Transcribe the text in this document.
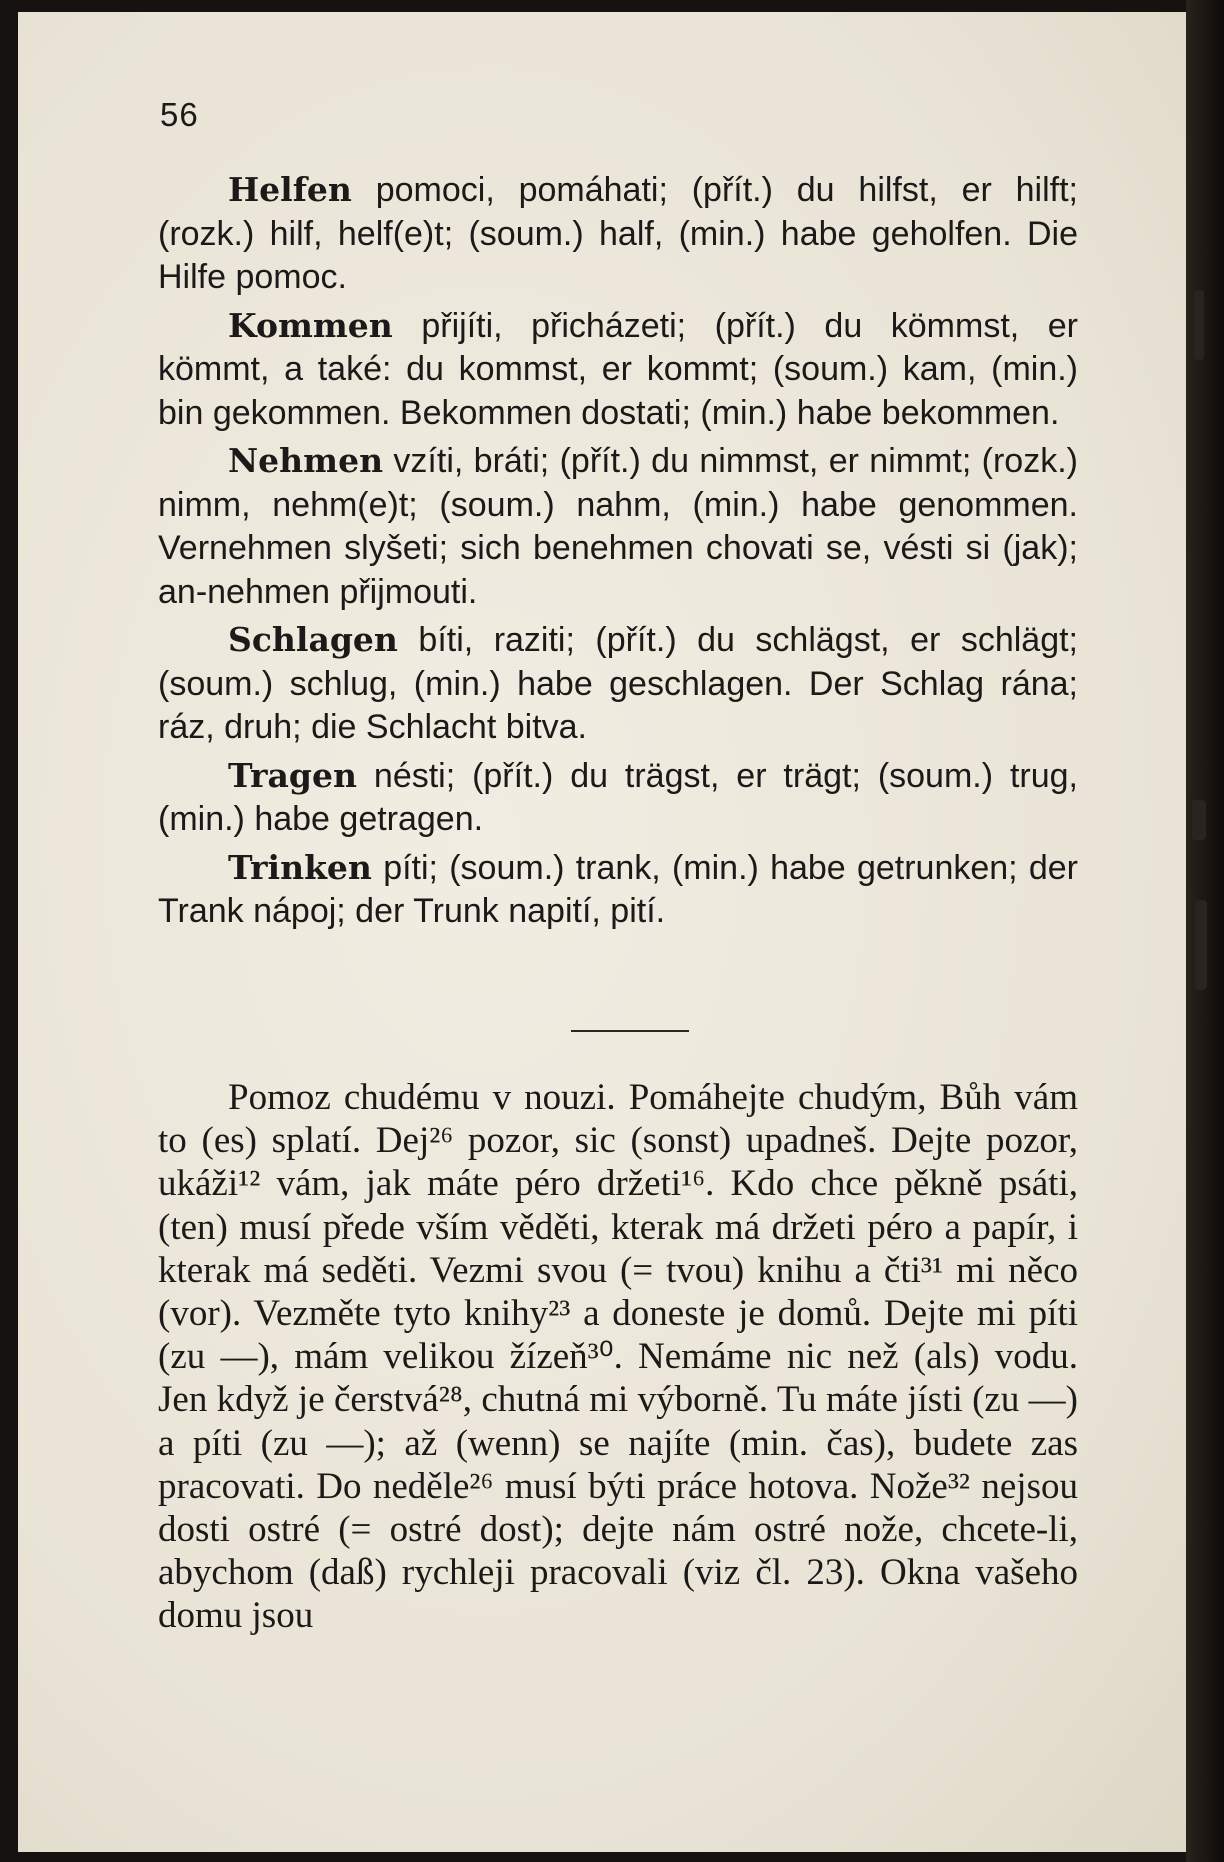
56

Helfen pomoci, pomáhati; (přít.) du hilfst, er hilft; (rozk.) hilf, helf(e)t; (soum.) half, (min.) habe geholfen. Die Hilfe pomoc.

Kommen přijíti, přicházeti; (přít.) du kömmst, er kömmt, a také: du kommst, er kommt; (soum.) kam, (min.) bin gekommen. Bekommen dostati; (min.) habe bekommen.

Nehmen vzíti, bráti; (přít.) du nimmst, er nimmt; (rozk.) nimm, nehm(e)t; (soum.) nahm, (min.) habe genommen. Vernehmen slyšeti; sich benehmen chovati se, vésti si (jak); an-nehmen přijmouti.

Schlagen bíti, raziti; (přít.) du schlägst, er schlägt; (soum.) schlug, (min.) habe geschlagen. Der Schlag rána; ráz, druh; die Schlacht bitva.

Tragen nésti; (přít.) du trägst, er trägt; (soum.) trug, (min.) habe getragen.

Trinken píti; (soum.) trank, (min.) habe getrunken; der Trank nápoj; der Trunk napití, pití.

Pomoz chudému v nouzi. Pomáhejte chudým, Bůh vám to (es) splatí. Dej²⁶ pozor, sic (sonst) upadneš. Dejte pozor, ukáži¹² vám, jak máte péro držeti¹⁶. Kdo chce pěkně psáti, (ten) musí přede vším věděti, kterak má držeti péro a papír, i kterak má seděti. Vezmi svou (= tvou) knihu a čti³¹ mi něco (vor). Vezměte tyto knihy²³ a doneste je domů. Dejte mi píti (zu —), mám velikou žízeň³⁰. Nemáme nic než (als) vodu. Jen když je čerstvá²⁸, chutná mi výborně. Tu máte jísti (zu —) a píti (zu —); až (wenn) se najíte (min. čas), budete zas pracovati. Do neděle²⁶ musí býti práce hotova. Nože³² nejsou dosti ostré (= ostré dost); dejte nám ostré nože, chcete-li, abychom (daß) rychleji pracovali (viz čl. 23). Okna vašeho domu jsou
